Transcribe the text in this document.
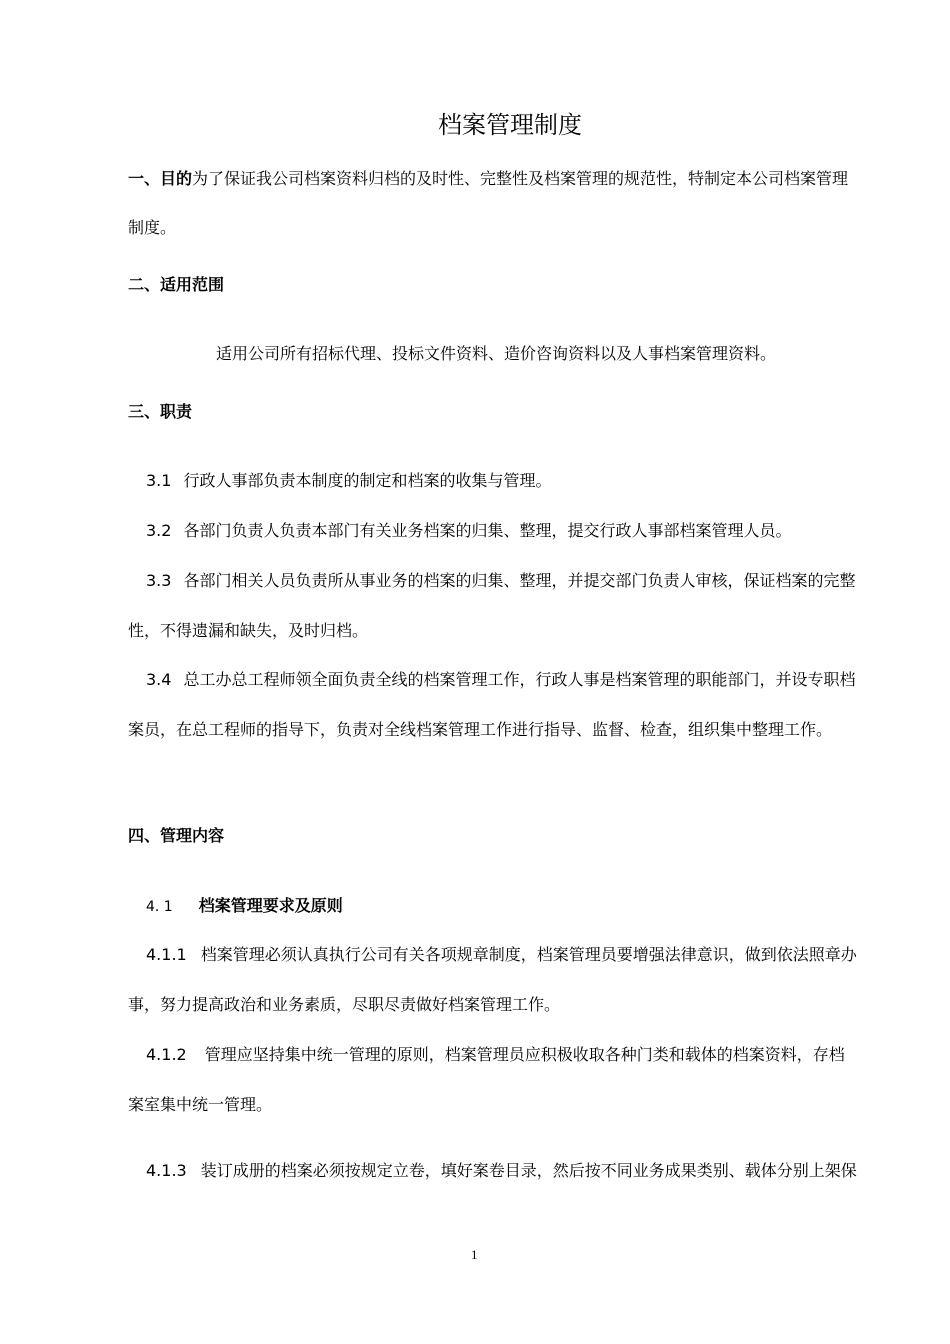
档案管理制度
一、目的为了保证我公司档案资料归档的及时性、完整性及档案管理的规范性，特制定本公司档案管理
制度。
二、适用范围
适用公司所有招标代理、投标文件资料、造价咨询资料以及人事档案管理资料。
三、职责
3.1 行政人事部负责本制度的制定和档案的收集与管理。
3.2 各部门负责人负责本部门有关业务档案的归集、整理，提交行政人事部档案管理人员。
3.3 各部门相关人员负责所从事业务的档案的归集、整理，并提交部门负责人审核，保证档案的完整
性，不得遗漏和缺失，及时归档。
3.4 总工办总工程师领全面负责全线的档案管理工作，行政人事是档案管理的职能部门，并设专职档
案员，在总工程师的指导下，负责对全线档案管理工作进行指导、监督、检查，组织集中整理工作。
四、管理内容
4. 1 档案管理要求及原则
4.1.1 档案管理必须认真执行公司有关各项规章制度，档案管理员要增强法律意识，做到依法照章办
事，努力提高政治和业务素质，尽职尽责做好档案管理工作。
4.1.2 管理应坚持集中统一管理的原则，档案管理员应积极收取各种门类和载体的档案资料，存档
案室集中统一管理。
4.1.3 装订成册的档案必须按规定立卷，填好案卷目录，然后按不同业务成果类别、载体分别上架保
1
